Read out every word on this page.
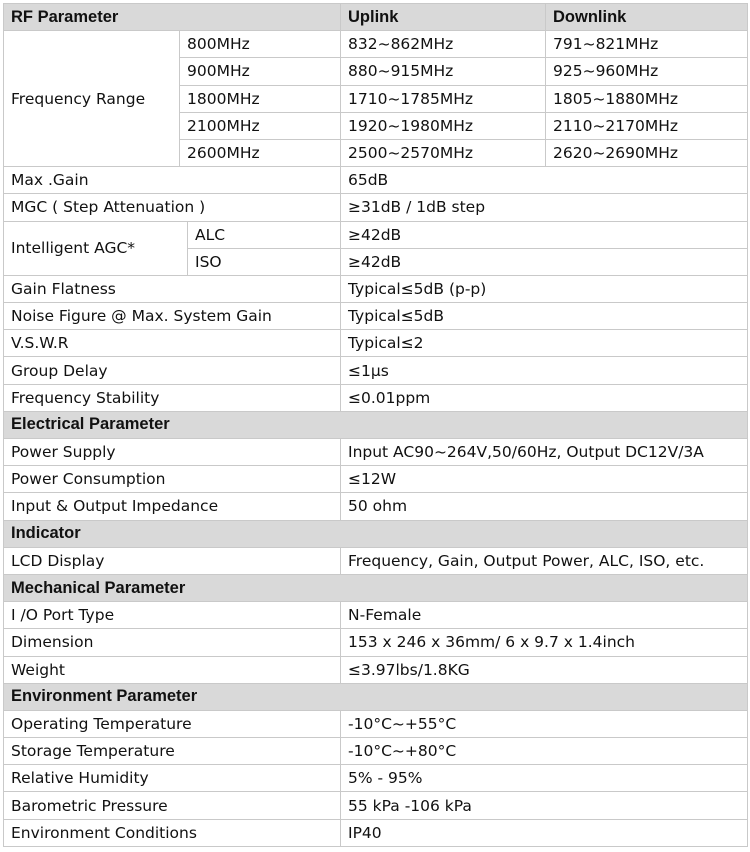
RF Parameter			Uplink	Downlink
Frequency Range	800MHz		832~862MHz	791~821MHz
	900MHz		880~915MHz	925~960MHz
	1800MHz		1710~1785MHz	1805~1880MHz
	2100MHz		1920~1980MHz	2110~2170MHz
	2600MHz		2500~2570MHz	2620~2690MHz
Max .Gain			65dB	
MGC ( Step Attenuation )			≥31dB / 1dB step	
Intelligent AGC*		ALC	≥42dB	
		ISO	≥42dB	
Gain Flatness			Typical≤5dB (p-p)	
Noise Figure @ Max. System Gain			Typical≤5dB	
V.S.W.R			Typical≤2	
Group Delay			≤1μs	
Frequency Stability			≤0.01ppm	
Electrical Parameter				
Power Supply			Input AC90~264V,50/60Hz, Output DC12V/3A	
Power Consumption			≤12W	
Input & Output Impedance			50 ohm	
Indicator				
LCD Display			Frequency, Gain, Output Power, ALC, ISO, etc.	
Mechanical Parameter				
I /O Port Type			N-Female	
Dimension			153 x 246 x 36mm/ 6 x 9.7 x 1.4inch	
Weight			≤3.97lbs/1.8KG	
Environment Parameter				
Operating Temperature			-10°C~+55°C	
Storage Temperature			-10°C~+80°C	
Relative Humidity			5% - 95%	
Barometric Pressure			55 kPa -106 kPa	
Environment Conditions			IP40	
